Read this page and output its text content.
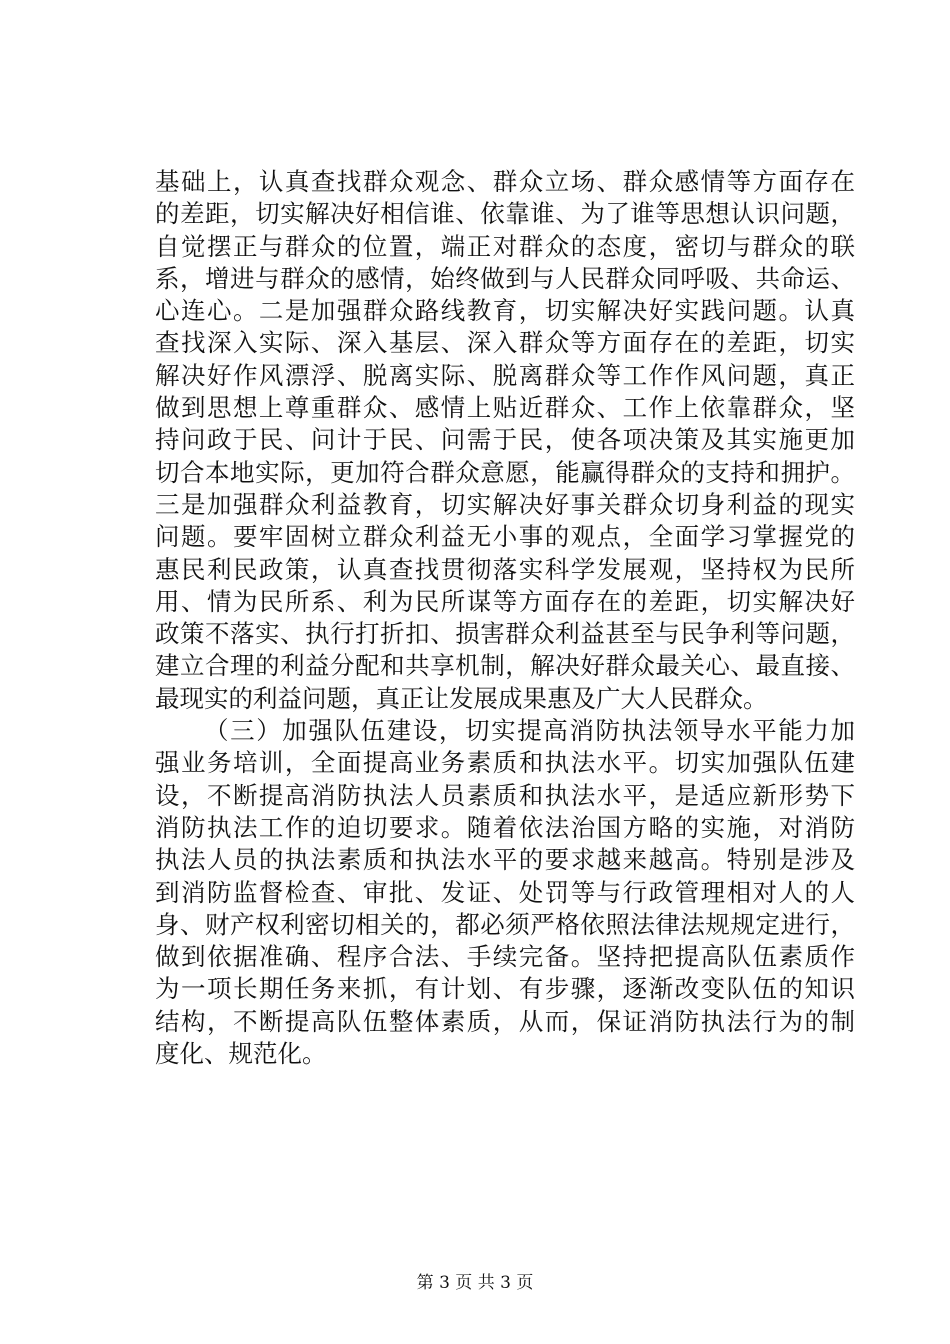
基础上，认真查找群众观念、群众立场、群众感情等方面存在
的差距，切实解决好相信谁、依靠谁、为了谁等思想认识问题，
自觉摆正与群众的位置，端正对群众的态度，密切与群众的联
系，增进与群众的感情，始终做到与人民群众同呼吸、共命运、
心连心。二是加强群众路线教育，切实解决好实践问题。认真
查找深入实际、深入基层、深入群众等方面存在的差距，切实
解决好作风漂浮、脱离实际、脱离群众等工作作风问题，真正
做到思想上尊重群众、感情上贴近群众、工作上依靠群众，坚
持问政于民、问计于民、问需于民，使各项决策及其实施更加
切合本地实际，更加符合群众意愿，能赢得群众的支持和拥护。
三是加强群众利益教育，切实解决好事关群众切身利益的现实
问题。要牢固树立群众利益无小事的观点，全面学习掌握党的
惠民利民政策，认真查找贯彻落实科学发展观，坚持权为民所
用、情为民所系、利为民所谋等方面存在的差距，切实解决好
政策不落实、执行打折扣、损害群众利益甚至与民争利等问题，
建立合理的利益分配和共享机制，解决好群众最关心、最直接、
最现实的利益问题，真正让发展成果惠及广大人民群众。
（三）加强队伍建设，切实提高消防执法领导水平能力加
强业务培训，全面提高业务素质和执法水平。切实加强队伍建
设，不断提高消防执法人员素质和执法水平，是适应新形势下
消防执法工作的迫切要求。随着依法治国方略的实施，对消防
执法人员的执法素质和执法水平的要求越来越高。特别是涉及
到消防监督检查、审批、发证、处罚等与行政管理相对人的人
身、财产权利密切相关的，都必须严格依照法律法规规定进行，
做到依据准确、程序合法、手续完备。坚持把提高队伍素质作
为一项长期任务来抓，有计划、有步骤，逐渐改变队伍的知识
结构，不断提高队伍整体素质，从而，保证消防执法行为的制
度化、规范化。
第 3 页 共 3 页
